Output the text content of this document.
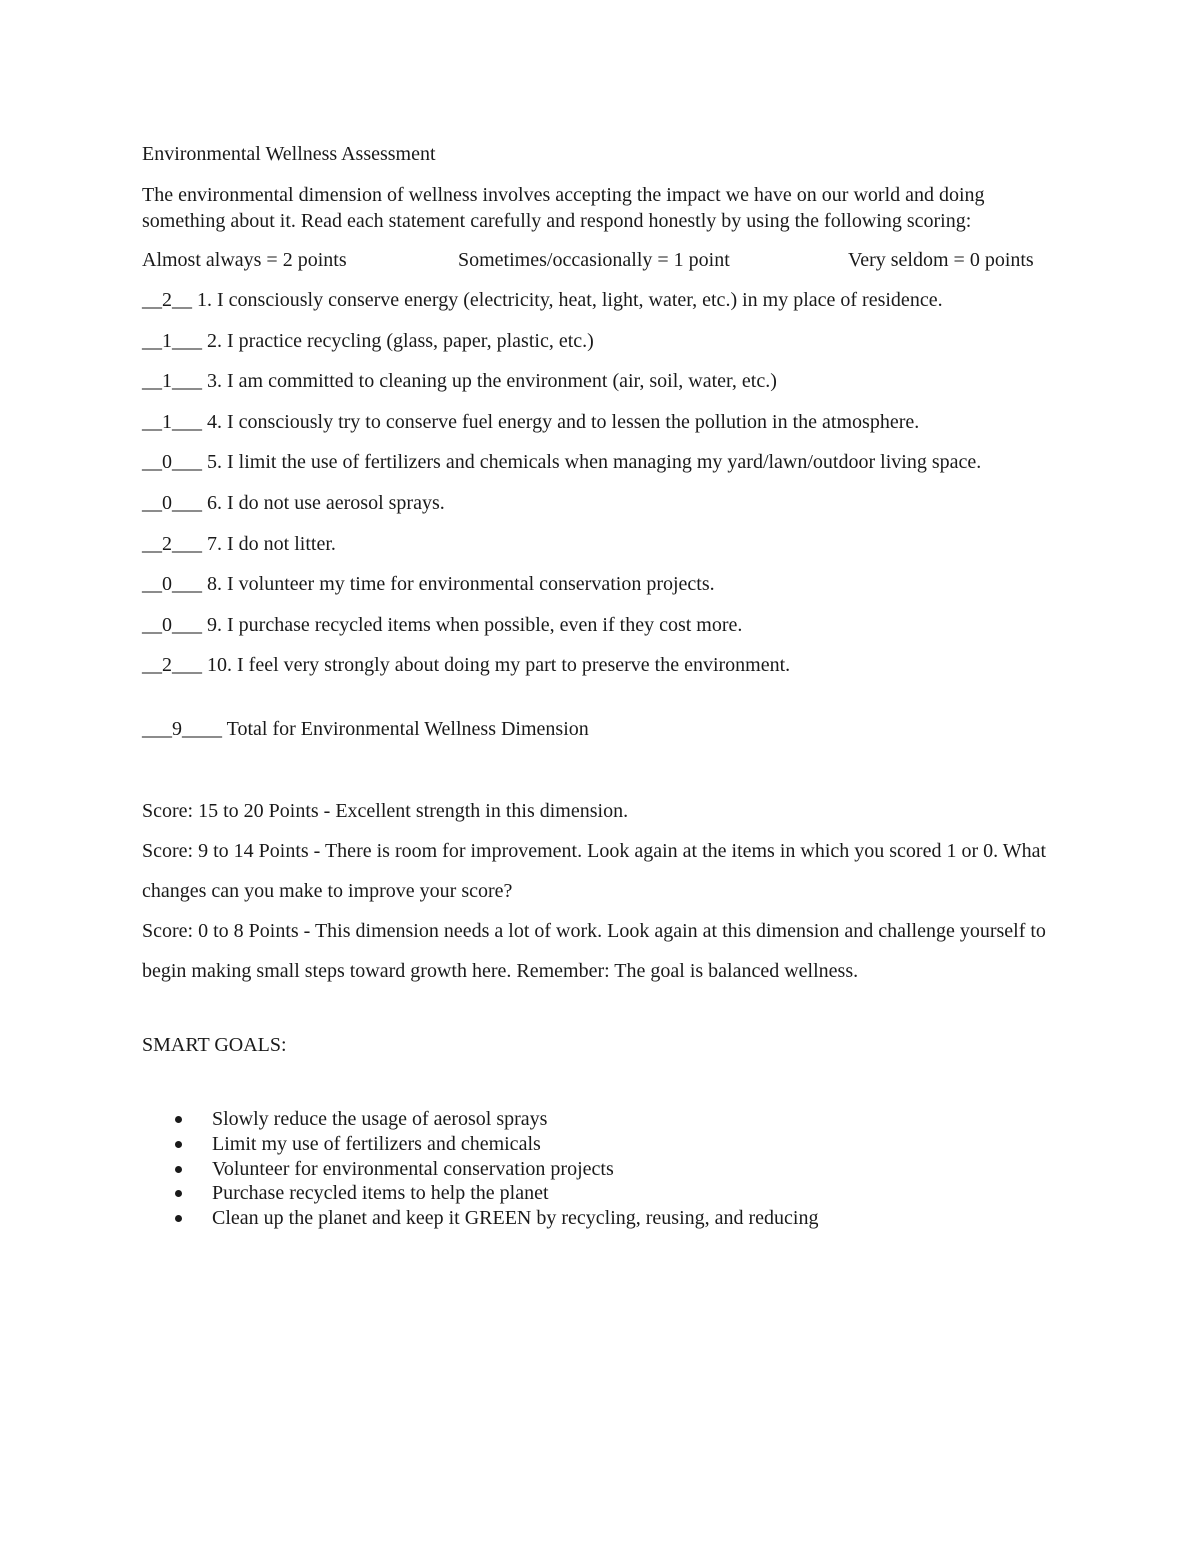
Environmental Wellness Assessment

The environmental dimension of wellness involves accepting the impact we have on our world and doing something about it. Read each statement carefully and respond honestly by using the following scoring:

Almost always = 2 points	Sometimes/occasionally = 1 point	Very seldom = 0 points

__2__ 1. I consciously conserve energy (electricity, heat, light, water, etc.) in my place of residence.

__1___ 2. I practice recycling (glass, paper, plastic, etc.)

__1___ 3. I am committed to cleaning up the environment (air, soil, water, etc.)

__1___ 4. I consciously try to conserve fuel energy and to lessen the pollution in the atmosphere.

__0___ 5. I limit the use of fertilizers and chemicals when managing my yard/lawn/outdoor living space.

__0___ 6. I do not use aerosol sprays.

__2___ 7. I do not litter.

__0___ 8. I volunteer my time for environmental conservation projects.

__0___ 9. I purchase recycled items when possible, even if they cost more.

__2___ 10. I feel very strongly about doing my part to preserve the environment.

___9____ Total for Environmental Wellness Dimension

Score: 15 to 20 Points - Excellent strength in this dimension.

Score: 9 to 14 Points - There is room for improvement. Look again at the items in which you scored 1 or 0. What changes can you make to improve your score?

Score: 0 to 8 Points - This dimension needs a lot of work. Look again at this dimension and challenge yourself to begin making small steps toward growth here. Remember: The goal is balanced wellness.

SMART GOALS:

Slowly reduce the usage of aerosol sprays
Limit my use of fertilizers and chemicals
Volunteer for environmental conservation projects
Purchase recycled items to help the planet
Clean up the planet and keep it GREEN by recycling, reusing, and reducing
